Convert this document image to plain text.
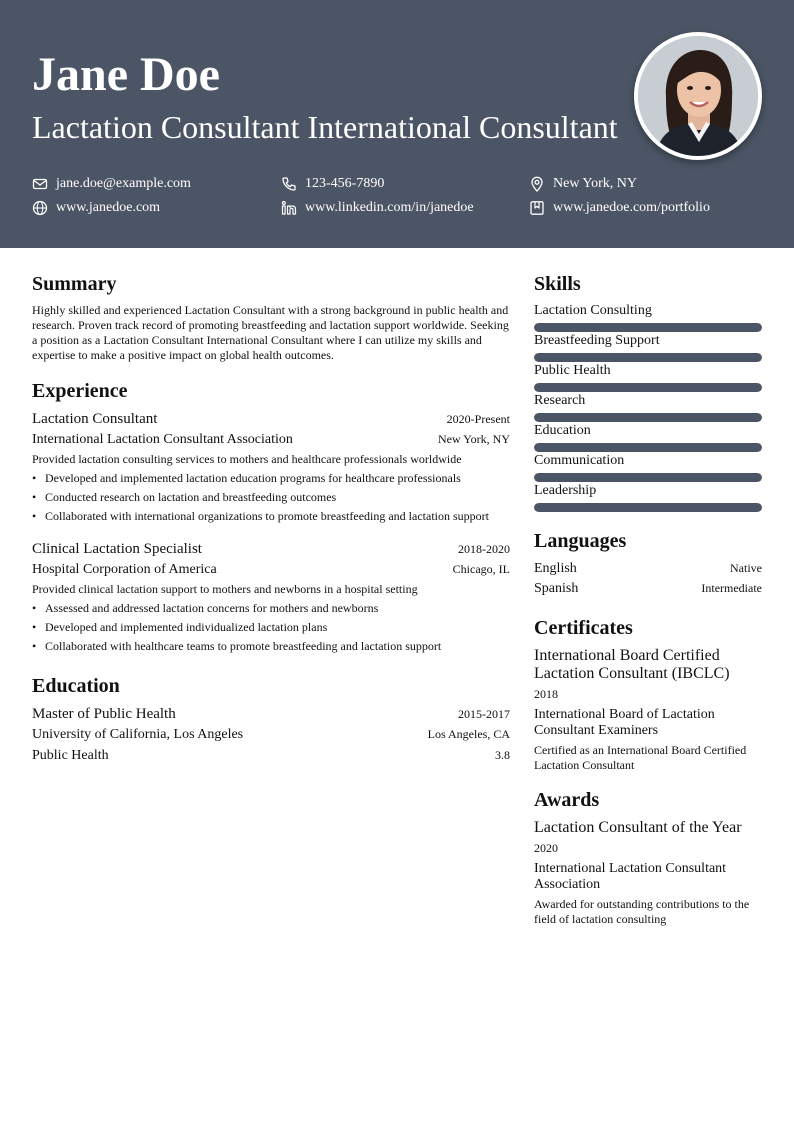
Jane Doe
Lactation Consultant International Consultant
jane.doe@example.com	123-456-7890	New York, NY
www.janedoe.com	www.linkedin.com/in/janedoe	www.janedoe.com/portfolio
Summary
Highly skilled and experienced Lactation Consultant with a strong background in public health and research. Proven track record of promoting breastfeeding and lactation support worldwide. Seeking a position as a Lactation Consultant International Consultant where I can utilize my skills and expertise to make a positive impact on global health outcomes.
Experience
Lactation Consultant	2020-Present
International Lactation Consultant Association	New York, NY
Provided lactation consulting services to mothers and healthcare professionals worldwide
• Developed and implemented lactation education programs for healthcare professionals
• Conducted research on lactation and breastfeeding outcomes
• Collaborated with international organizations to promote breastfeeding and lactation support
Clinical Lactation Specialist	2018-2020
Hospital Corporation of America	Chicago, IL
Provided clinical lactation support to mothers and newborns in a hospital setting
• Assessed and addressed lactation concerns for mothers and newborns
• Developed and implemented individualized lactation plans
• Collaborated with healthcare teams to promote breastfeeding and lactation support
Education
Master of Public Health	2015-2017
University of California, Los Angeles	Los Angeles, CA
Public Health	3.8
Skills
Lactation Consulting
Breastfeeding Support
Public Health
Research
Education
Communication
Leadership
Languages
English	Native
Spanish	Intermediate
Certificates
International Board Certified Lactation Consultant (IBCLC)
2018
International Board of Lactation Consultant Examiners
Certified as an International Board Certified Lactation Consultant
Awards
Lactation Consultant of the Year
2020
International Lactation Consultant Association
Awarded for outstanding contributions to the field of lactation consulting
